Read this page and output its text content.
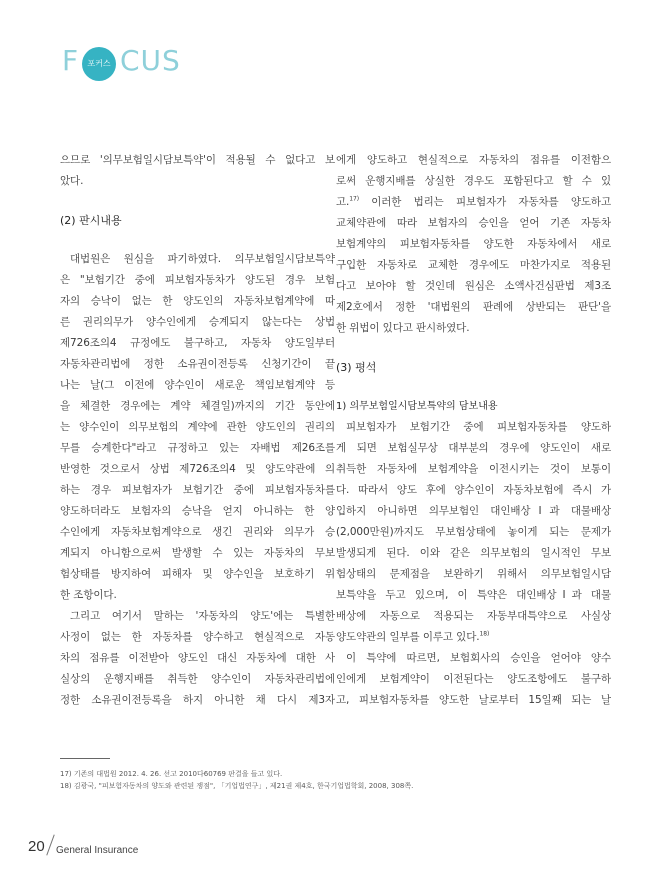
F 포커스 CUS
으므로 '의무보험일시담보특약'이 적용될 수 없다고 보
았다.

(2) 판시내용

대법원은 원심을 파기하였다. 의무보험일시담보특약
은 "보험기간 중에 피보험자동차가 양도된 경우 보험
자의 승낙이 없는 한 양도인의 자동차보험계약에 따
른 권리의무가 양수인에게 승계되지 않는다는 상법
제726조의4 규정에도 불구하고, 자동차 양도일부터
자동차관리법에 정한 소유권이전등록 신청기간이 끝
나는 날(그 이전에 양수인이 새로운 책임보험계약 등
을 체결한 경우에는 계약 체결일)까지의 기간 동안에
는 양수인이 의무보험의 계약에 관한 양도인의 권리의
무를 승계한다"라고 규정하고 있는 자배법 제26조를
반영한 것으로서 상법 제726조의4 및 양도약관에 의
하는 경우 피보험자가 보험기간 중에 피보험자동차를
양도하더라도 보험자의 승낙을 얻지 아니하는 한 양
수인에게 자동차보험계약으로 생긴 권리와 의무가 승
계되지 아니함으로써 발생할 수 있는 자동차의 무보
험상태를 방지하여 피해자 및 양수인을 보호하기 위
한 조항이다.
그리고 여기서 말하는 '자동차의 양도'에는 특별한
사정이 없는 한 자동차를 양수하고 현실적으로 자동
차의 점유를 이전받아 양도인 대신 자동차에 대한 사
실상의 운행지배를 취득한 양수인이 자동차관리법에
정한 소유권이전등록을 하지 아니한 채 다시 제3자
에게 양도하고 현실적으로 자동차의 점유를 이전함으
로써 운행지배를 상실한 경우도 포함된다고 할 수 있
고.$^{17)}$ 이러한 법리는 피보험자가 자동차를 양도하고
교체약관에 따라 보험자의 승인을 얻어 기존 자동차
보험계약의 피보험자동차를 양도한 자동차에서 새로
구입한 자동차로 교체한 경우에도 마찬가지로 적용된
다고 보아야 할 것인데 원심은 소액사건심판법 제3조
제2호에서 정한 '대법원의 판례에 상반되는 판단'을
한 위법이 있다고 판시하였다.

(3) 평석

1) 의무보험일시담보특약의 담보내용

피보험자가 보험기간 중에 피보험자동차를 양도하
게 되면 보험실무상 대부분의 경우에 양도인이 새로
취득한 자동차에 보험계약을 이전시키는 것이 보통이
다. 따라서 양도 후에 양수인이 자동차보험에 즉시 가
입하지 아니하면 의무보험인 대인배상Ⅰ과 대물배상
(2,000만원)까지도 무보험상태에 놓이게 되는 문제가
발생되게 된다. 이와 같은 의무보험의 일시적인 무보
험상태의 문제점을 보완하기 위해서 의무보험일시담
보특약을 두고 있으며, 이 특약은 대인배상Ⅰ과 대물
배상에 자동으로 적용되는 자동부대특약으로 사실상
양도약관의 일부를 이루고 있다.$^{18)}$
이 특약에 따르면, 보험회사의 승인을 얻어야 양수
인에게 보험계약이 이전된다는 양도조항에도 불구하
고, 피보험자동차를 양도한 날로부터 15일째 되는 날

17) 기존의 대법원 2012. 4. 26. 선고 2010다60769 판결을 들고 있다.

18) 김광국, "피보험자동차의 양도와 관련된 쟁점", 「기업법연구」, 제21권 제4호, 한국기업법학회, 2008, 308쪽.

20 General Insurance
